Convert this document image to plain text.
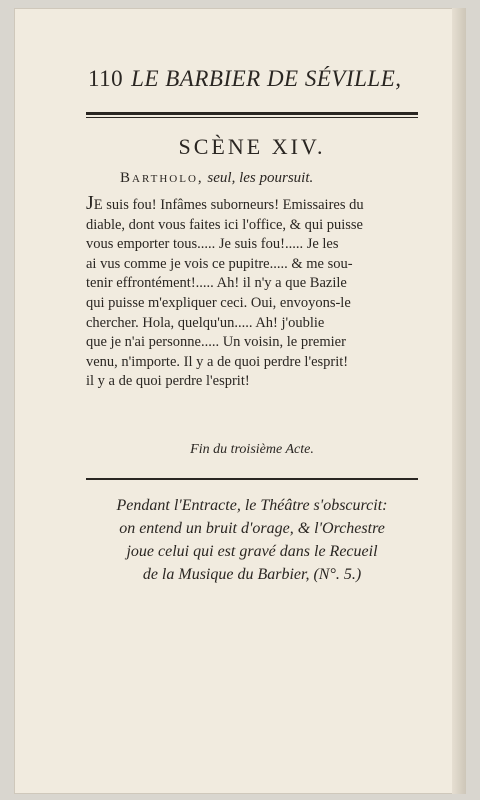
110 LE BARBIER DE SÉVILLE,
SCÈNE XIV.
Bartholo, seul, les poursuit.
JE suis fou! Infâmes suborneurs! Emissaires du
diable, dont vous faites ici l'office, & qui puisse
vous emporter tous..... Je suis fou!..... Je les
ai vus comme je vois ce pupitre..... & me sou-
tenir effrontément!..... Ah! il n'y a que Bazile
qui puisse m'expliquer ceci. Oui, envoyons-le
chercher. Hola, quelqu'un..... Ah! j'oublie
que je n'ai personne..... Un voisin, le premier
venu, n'importe. Il y a de quoi perdre l'esprit!
il y a de quoi perdre l'esprit!
Fin du troisième Acte.
Pendant l'Entracte, le Théâtre s'obscurcit:
on entend un bruit d'orage, & l'Orchestre
joue celui qui est gravé dans le Recueil
de la Musique du Barbier, (N°. 5.)
